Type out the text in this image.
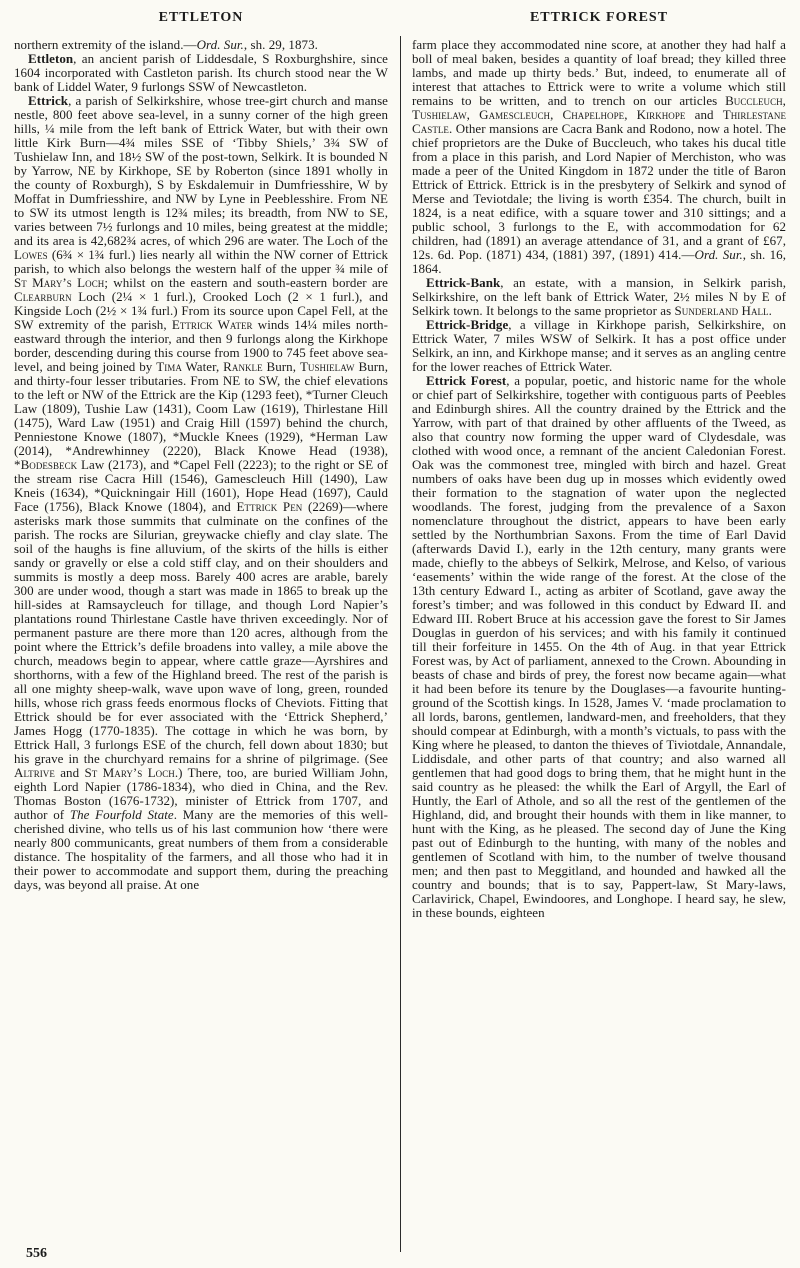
ETTLETON	ETTRICK FOREST

northern extremity of the island.—Ord. Sur., sh. 29, 1873.

Ettleton, an ancient parish of Liddesdale, S Roxburghshire, since 1604 incorporated with Castleton parish. Its church stood near the W bank of Liddel Water, 9 furlongs SSW of Newcastleton.

Ettrick, a parish of Selkirkshire, whose tree-girt church and manse nestle, 800 feet above sea-level, in a sunny corner of the high green hills, ¼ mile from the left bank of Ettrick Water, but with their own little Kirk Burn—4¾ miles SSE of ‘Tibby Shiels,’ 3¾ SW of Tushielaw Inn, and 18½ SW of the post-town, Selkirk. It is bounded N by Yarrow, NE by Kirkhope, SE by Roberton (since 1891 wholly in the county of Roxburgh), S by Eskdalemuir in Dumfriesshire, W by Moffat in Dumfriesshire, and NW by Lyne in Peeblesshire. From NE to SW its utmost length is 12¾ miles; its breadth, from NW to SE, varies between 7½ furlongs and 10 miles, being greatest at the middle; and its area is 42,682¾ acres, of which 296 are water. The Loch of the Lowes (6¾ × 1¾ furl.) lies nearly all within the NW corner of Ettrick parish, to which also belongs the western half of the upper ¾ mile of St Mary’s Loch; whilst on the eastern and south-eastern border are Clearburn Loch (2¼ × 1 furl.), Crooked Loch (2 × 1 furl.), and Kingside Loch (2½ × 1¾ furl.) From its source upon Capel Fell, at the SW extremity of the parish, Ettrick Water winds 14¼ miles north-eastward through the interior, and then 9 furlongs along the Kirkhope border, descending during this course from 1900 to 745 feet above sea-level, and being joined by Tima Water, Rankle Burn, Tushielaw Burn, and thirty-four lesser tributaries. From NE to SW, the chief elevations to the left or NW of the Ettrick are the Kip (1293 feet), *Turner Cleuch Law (1809), Tushie Law (1431), Coom Law (1619), Thirlestane Hill (1475), Ward Law (1951) and Craig Hill (1597) behind the church, Penniestone Knowe (1807), *Muckle Knees (1929), *Herman Law (2014), *Andrewhinney (2220), Black Knowe Head (1938), *Bodesbeck Law (2173), and *Capel Fell (2223); to the right or SE of the stream rise Cacra Hill (1546), Gamescleuch Hill (1490), Law Kneis (1634), *Quickningair Hill (1601), Hope Head (1697), Cauld Face (1756), Black Knowe (1804), and Ettrick Pen (2269)—where asterisks mark those summits that culminate on the confines of the parish. The rocks are Silurian, greywacke chiefly and clay slate. The soil of the haughs is fine alluvium, of the skirts of the hills is either sandy or gravelly or else a cold stiff clay, and on their shoulders and summits is mostly a deep moss. Barely 400 acres are arable, barely 300 are under wood, though a start was made in 1865 to break up the hill-sides at Ramsaycleuch for tillage, and though Lord Napier’s plantations round Thirlestane Castle have thriven exceedingly. Nor of permanent pasture are there more than 120 acres, although from the point where the Ettrick’s defile broadens into valley, a mile above the church, meadows begin to appear, where cattle graze—Ayrshires and shorthorns, with a few of the Highland breed. The rest of the parish is all one mighty sheep-walk, wave upon wave of long, green, rounded hills, whose rich grass feeds enormous flocks of Cheviots. Fitting that Ettrick should be for ever associated with the ‘Ettrick Shepherd,’ James Hogg (1770-1835). The cottage in which he was born, by Ettrick Hall, 3 furlongs ESE of the church, fell down about 1830; but his grave in the churchyard remains for a shrine of pilgrimage. (See Altrive and St Mary’s Loch.) There, too, are buried William John, eighth Lord Napier (1786-1834), who died in China, and the Rev. Thomas Boston (1676-1732), minister of Ettrick from 1707, and author of The Fourfold State. Many are the memories of this well-cherished divine, who tells us of his last communion how ‘there were nearly 800 communicants, great numbers of them from a considerable distance. The hospitality of the farmers, and all those who had it in their power to accommodate and support them, during the preaching days, was beyond all praise. At one

farm place they accommodated nine score, at another they had half a boll of meal baken, besides a quantity of loaf bread; they killed three lambs, and made up thirty beds.’ But, indeed, to enumerate all of interest that attaches to Ettrick were to write a volume which still remains to be written, and to trench on our articles Buccleuch, Tushielaw, Gamescleuch, Chapelhope, Kirkhope and Thirlestane Castle. Other mansions are Cacra Bank and Rodono, now a hotel. The chief proprietors are the Duke of Buccleuch, who takes his ducal title from a place in this parish, and Lord Napier of Merchiston, who was made a peer of the United Kingdom in 1872 under the title of Baron Ettrick of Ettrick. Ettrick is in the presbytery of Selkirk and synod of Merse and Teviotdale; the living is worth £354. The church, built in 1824, is a neat edifice, with a square tower and 310 sittings; and a public school, 3 furlongs to the E, with accommodation for 62 children, had (1891) an average attendance of 31, and a grant of £67, 12s. 6d. Pop. (1871) 434, (1881) 397, (1891) 414.—Ord. Sur., sh. 16, 1864.

Ettrick-Bank, an estate, with a mansion, in Selkirk parish, Selkirkshire, on the left bank of Ettrick Water, 2½ miles N by E of Selkirk town. It belongs to the same proprietor as Sunderland Hall.

Ettrick-Bridge, a village in Kirkhope parish, Selkirkshire, on Ettrick Water, 7 miles WSW of Selkirk. It has a post office under Selkirk, an inn, and Kirkhope manse; and it serves as an angling centre for the lower reaches of Ettrick Water.

Ettrick Forest, a popular, poetic, and historic name for the whole or chief part of Selkirkshire, together with contiguous parts of Peebles and Edinburgh shires. All the country drained by the Ettrick and the Yarrow, with part of that drained by other affluents of the Tweed, as also that country now forming the upper ward of Clydesdale, was clothed with wood once, a remnant of the ancient Caledonian Forest. Oak was the commonest tree, mingled with birch and hazel. Great numbers of oaks have been dug up in mosses which evidently owed their formation to the stagnation of water upon the neglected woodlands. The forest, judging from the prevalence of a Saxon nomenclature throughout the district, appears to have been early settled by the Northumbrian Saxons. From the time of Earl David (afterwards David I.), early in the 12th century, many grants were made, chiefly to the abbeys of Selkirk, Melrose, and Kelso, of various ‘easements’ within the wide range of the forest. At the close of the 13th century Edward I., acting as arbiter of Scotland, gave away the forest’s timber; and was followed in this conduct by Edward II. and Edward III. Robert Bruce at his accession gave the forest to Sir James Douglas in guerdon of his services; and with his family it continued till their forfeiture in 1455. On the 4th of Aug. in that year Ettrick Forest was, by Act of parliament, annexed to the Crown. Abounding in beasts of chase and birds of prey, the forest now became again—what it had been before its tenure by the Douglases—a favourite hunting-ground of the Scottish kings. In 1528, James V. ‘made proclamation to all lords, barons, gentlemen, landward-men, and freeholders, that they should compear at Edinburgh, with a month’s victuals, to pass with the King where he pleased, to danton the thieves of Tiviotdale, Annandale, Liddisdale, and other parts of that country; and also warned all gentlemen that had good dogs to bring them, that he might hunt in the said country as he pleased: the whilk the Earl of Argyll, the Earl of Huntly, the Earl of Athole, and so all the rest of the gentlemen of the Highland, did, and brought their hounds with them in like manner, to hunt with the King, as he pleased. The second day of June the King past out of Edinburgh to the hunting, with many of the nobles and gentlemen of Scotland with him, to the number of twelve thousand men; and then past to Meggitland, and hounded and hawked all the country and bounds; that is to say, Pappert-law, St Mary-laws, Carlavirick, Chapel, Ewindoores, and Longhope. I heard say, he slew, in these bounds, eighteen

556
